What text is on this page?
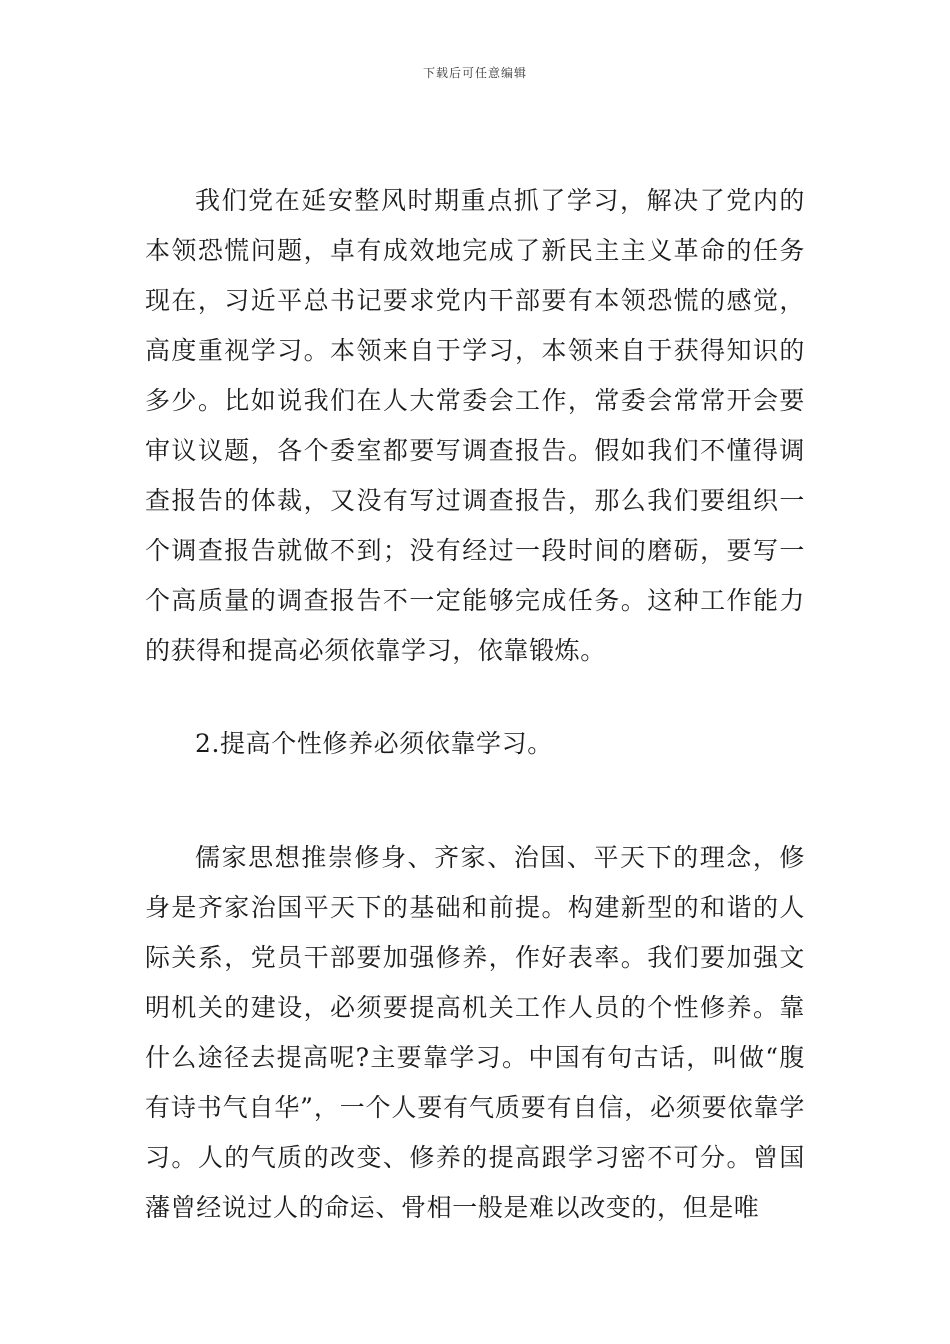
下载后可任意编辑

我们党在延安整风时期重点抓了学习，解决了党内的本领恐慌问题，卓有成效地完成了新民主主义革命的任务现在，习近平总书记要求党内干部要有本领恐慌的感觉，高度重视学习。本领来自于学习，本领来自于获得知识的多少。比如说我们在人大常委会工作，常委会常常开会要审议议题，各个委室都要写调查报告。假如我们不懂得调查报告的体裁，又没有写过调查报告，那么我们要组织一个调查报告就做不到；没有经过一段时间的磨砺，要写一个高质量的调查报告不一定能够完成任务。这种工作能力的获得和提高必须依靠学习，依靠锻炼。

2.提高个性修养必须依靠学习。

儒家思想推崇修身、齐家、治国、平天下的理念，修身是齐家治国平天下的基础和前提。构建新型的和谐的人际关系，党员干部要加强修养，作好表率。我们要加强文明机关的建设，必须要提高机关工作人员的个性修养。靠什么途径去提高呢?主要靠学习。中国有句古话，叫做“腹有诗书气自华”，一个人要有气质要有自信，必须要依靠学习。人的气质的改变、修养的提高跟学习密不可分。曾国藩曾经说过人的命运、骨相一般是难以改变的，但是唯
